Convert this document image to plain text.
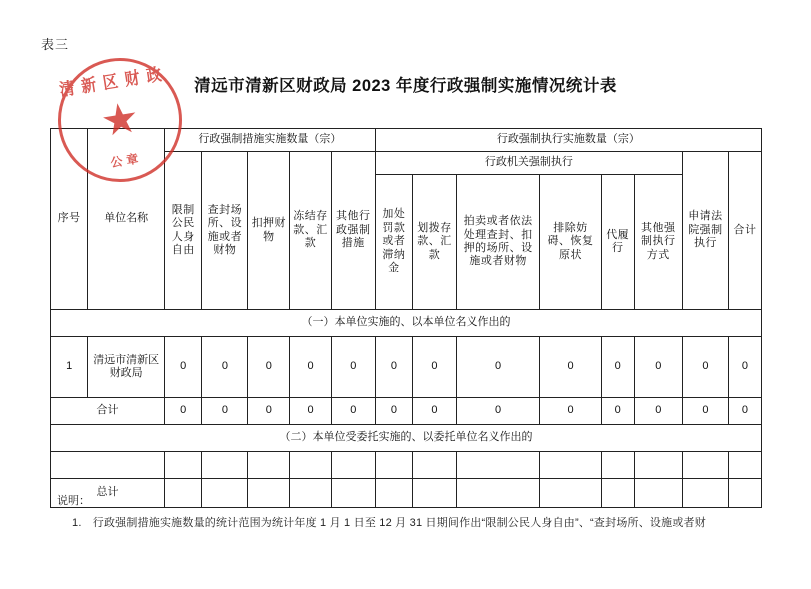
表三
清远市清新区财政局 2023 年度行政强制实施情况统计表
清新区财政
公章
序号	单位名称	行政强制措施实施数量（宗）					行政强制执行实施数量（宗）							
		限制公民人身自由	查封场所、设施或者财物	扣押财物	冻结存款、汇款	其他行政强制措施	行政机关强制执行						申请法院强制执行	合计
							加处罚款或者滞纳金	划拨存款、汇款	拍卖或者依法处理查封、扣押的场所、设施或者财物	排除妨碍、恢复原状	代履行	其他强制执行方式		
（一）本单位实施的、以本单位名义作出的														
1	清远市清新区财政局	0	0	0	0	0	0	0	0	0	0	0	0	0
合计		0	0	0	0	0	0	0	0	0	0	0	0	0
（二）本单位受委托实施的、以委托单位名义作出的														

总计														
说明：
1.　行政强制措施实施数量的统计范围为统计年度 1 月 1 日至 12 月 31 日期间作出“限制公民人身自由”、“查封场所、设施或者财
